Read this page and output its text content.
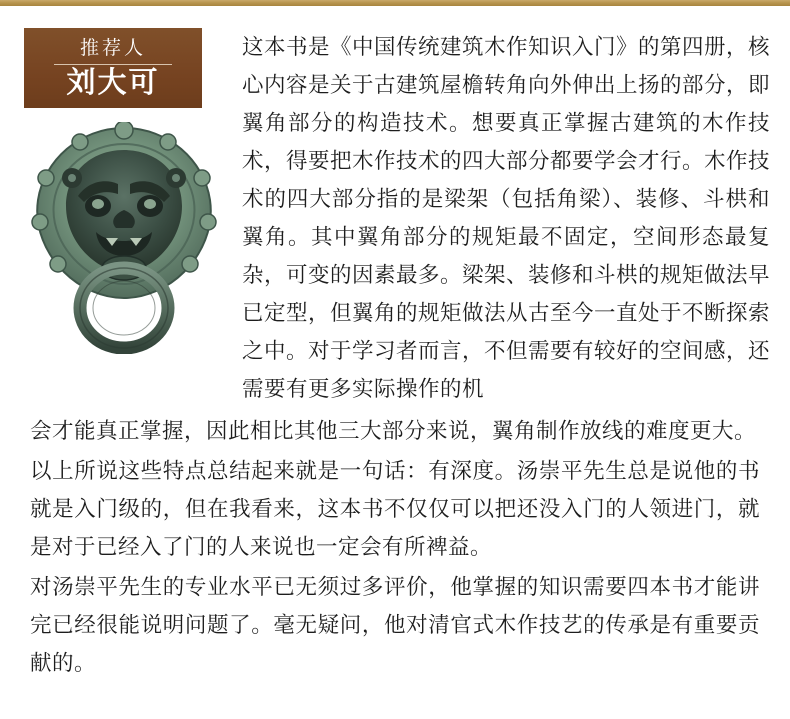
推荐人
刘大可

这本书是《中国传统建筑木作知识入门》的第四册，核心内容是关于古建筑屋檐转角向外伸出上扬的部分，即翼角部分的构造技术。想要真正掌握古建筑的木作技术，得要把木作技术的四大部分都要学会才行。木作技术的四大部分指的是梁架（包括角梁）、装修、斗栱和翼角。其中翼角部分的规矩最不固定，空间形态最复杂，可变的因素最多。梁架、装修和斗栱的规矩做法早已定型，但翼角的规矩做法从古至今一直处于不断探索之中。对于学习者而言，不但需要有较好的空间感，还需要有更多实际操作的机

会才能真正掌握，因此相比其他三大部分来说，翼角制作放线的难度更大。

以上所说这些特点总结起来就是一句话：有深度。汤崇平先生总是说他的书就是入门级的，但在我看来，这本书不仅仅可以把还没入门的人领进门，就是对于已经入了门的人来说也一定会有所裨益。

对汤崇平先生的专业水平已无须过多评价，他掌握的知识需要四本书才能讲完已经很能说明问题了。毫无疑问，他对清官式木作技艺的传承是有重要贡献的。
